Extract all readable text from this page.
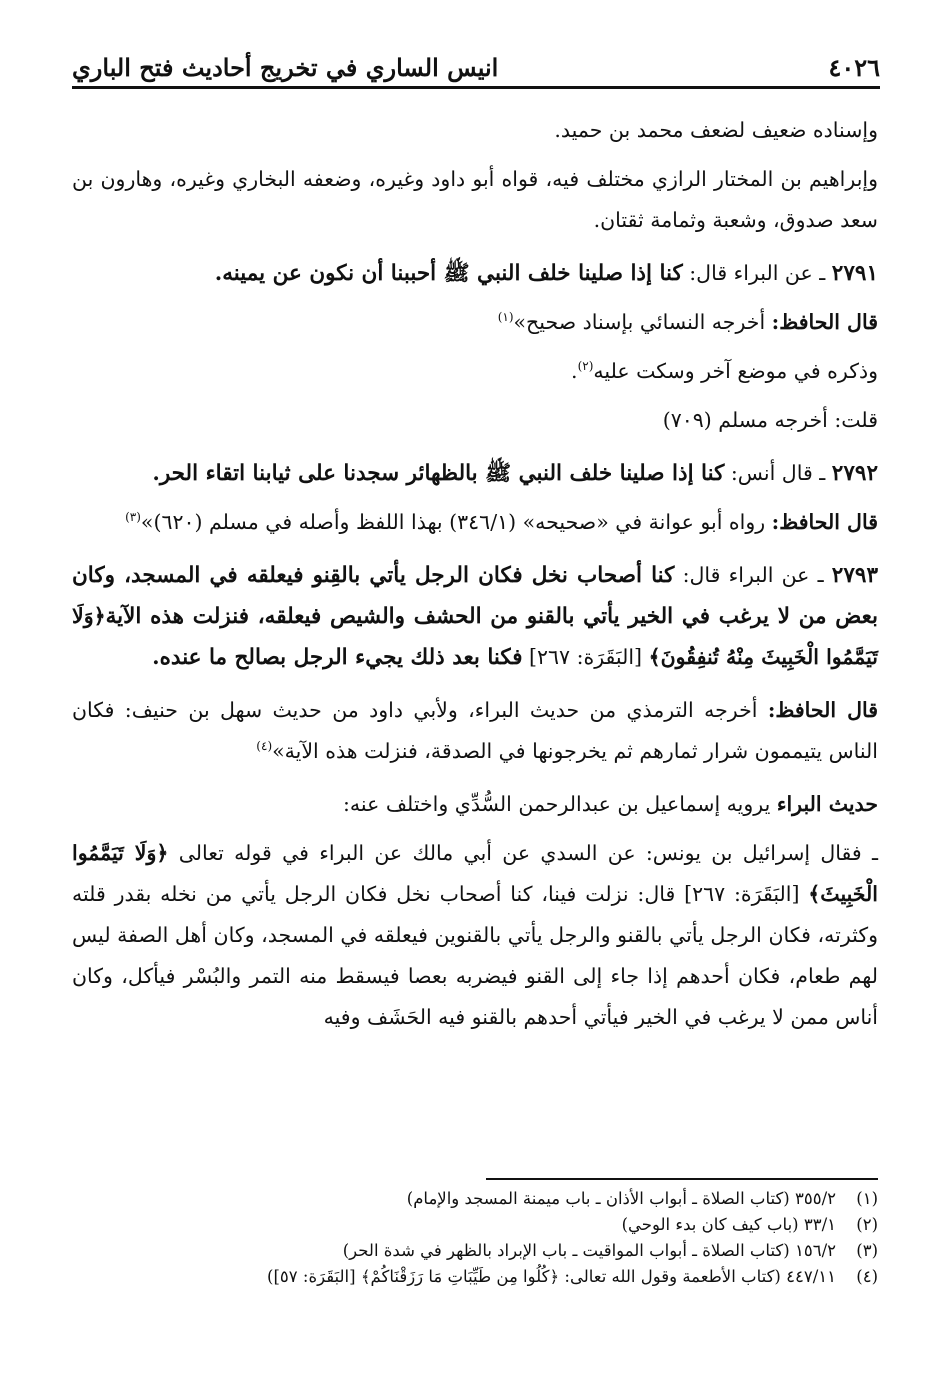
٤٠٢٦
انيس الساري في تخريج أحاديث فتح الباري

وإسناده ضعيف لضعف محمد بن حميد.

وإبراهيم بن المختار الرازي مختلف فيه، قواه أبو داود وغيره، وضعفه البخاري وغيره، وهارون بن سعد صدوق، وشعبة وثمامة ثقتان.

٢٧٩١ ـ عن البراء قال: كنا إذا صلينا خلف النبي ﷺ أحببنا أن نكون عن يمينه.

قال الحافظ: أخرجه النسائي بإسناد صحيح»$^{(١)}$

وذكره في موضع آخر وسكت عليه$^{(٢)}$.

قلت: أخرجه مسلم (٧٠٩)

٢٧٩٢ ـ قال أنس: كنا إذا صلينا خلف النبي ﷺ بالظهائر سجدنا على ثيابنا اتقاء الحر.

قال الحافظ: رواه أبو عوانة في «صحيحه» (٣٤٦/١) بهذا اللفظ وأصله في مسلم (٦٢٠)»$^{(٣)}$

٢٧٩٣ ـ عن البراء قال: كنا أصحاب نخل فكان الرجل يأتي بالقِنو فيعلقه في المسجد، وكان بعض من لا يرغب في الخير يأتي بالقنو من الحشف والشيص فيعلقه، فنزلت هذه الآية﴿وَلَا تَيَمَّمُوا الْخَبِيثَ مِنْهُ تُنفِقُونَ﴾ [البَقَرَة: ٢٦٧] فكنا بعد ذلك يجيء الرجل بصالح ما عنده.

قال الحافظ: أخرجه الترمذي من حديث البراء، ولأبي داود من حديث سهل بن حنيف: فكان الناس يتيممون شرار ثمارهم ثم يخرجونها في الصدقة، فنزلت هذه الآية»$^{(٤)}$

حديث البراء يرويه إسماعيل بن عبدالرحمن السُّدِّي واختلف عنه:

ـ فقال إسرائيل بن يونس: عن السدي عن أبي مالك عن البراء في قوله تعالى ﴿وَلَا تَيَمَّمُوا الْخَبِيثَ﴾ [البَقَرَة: ٢٦٧] قال: نزلت فينا، كنا أصحاب نخل فكان الرجل يأتي من نخله بقدر قلته وكثرته، فكان الرجل يأتي بالقنو والرجل يأتي بالقنوين فيعلقه في المسجد، وكان أهل الصفة ليس لهم طعام، فكان أحدهم إذا جاء إلى القنو فيضربه بعصا فيسقط منه التمر والبُسْر فيأكل، وكان أناس ممن لا يرغب في الخير فيأتي أحدهم بالقنو فيه الحَشَف وفيه

(١)
٣٥٥/٢ (كتاب الصلاة ـ أبواب الأذان ـ باب ميمنة المسجد والإمام)
(٢)
٣٣/١ (باب كيف كان بدء الوحي)
(٣)
١٥٦/٢ (كتاب الصلاة ـ أبواب المواقيت ـ باب الإبراد بالظهر في شدة الحر)
(٤)
٤٤٧/١١ (كتاب الأطعمة وقول الله تعالى: ﴿كُلُوا مِن طَيِّبَاتِ مَا رَزَقْنَاكُمْ﴾ [البَقَرَة: ٥٧])
